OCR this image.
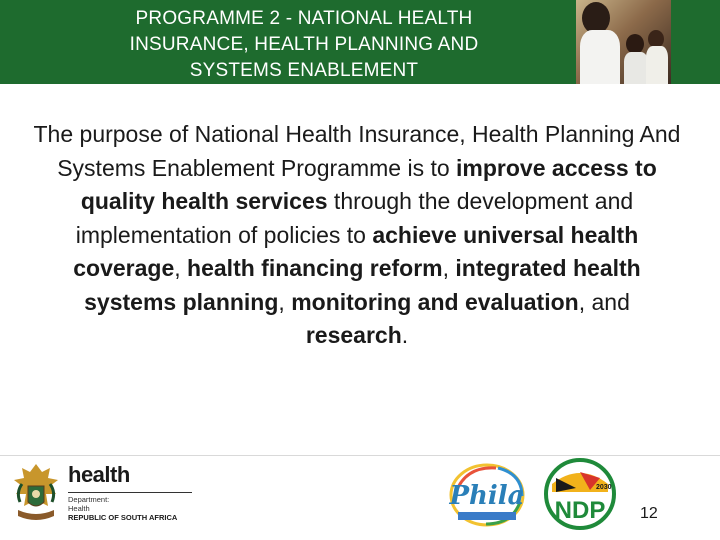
PROGRAMME 2 - NATIONAL HEALTH
INSURANCE, HEALTH PLANNING AND
SYSTEMS ENABLEMENT
The purpose of National Health Insurance, Health Planning And Systems Enablement Programme is to improve access to quality health services through the development and implementation of policies to achieve universal health coverage, health financing reform, integrated health systems planning, monitoring and evaluation, and research.
health
Department:
Health
REPUBLIC OF SOUTH AFRICA
Phila	2030
NDP 12
